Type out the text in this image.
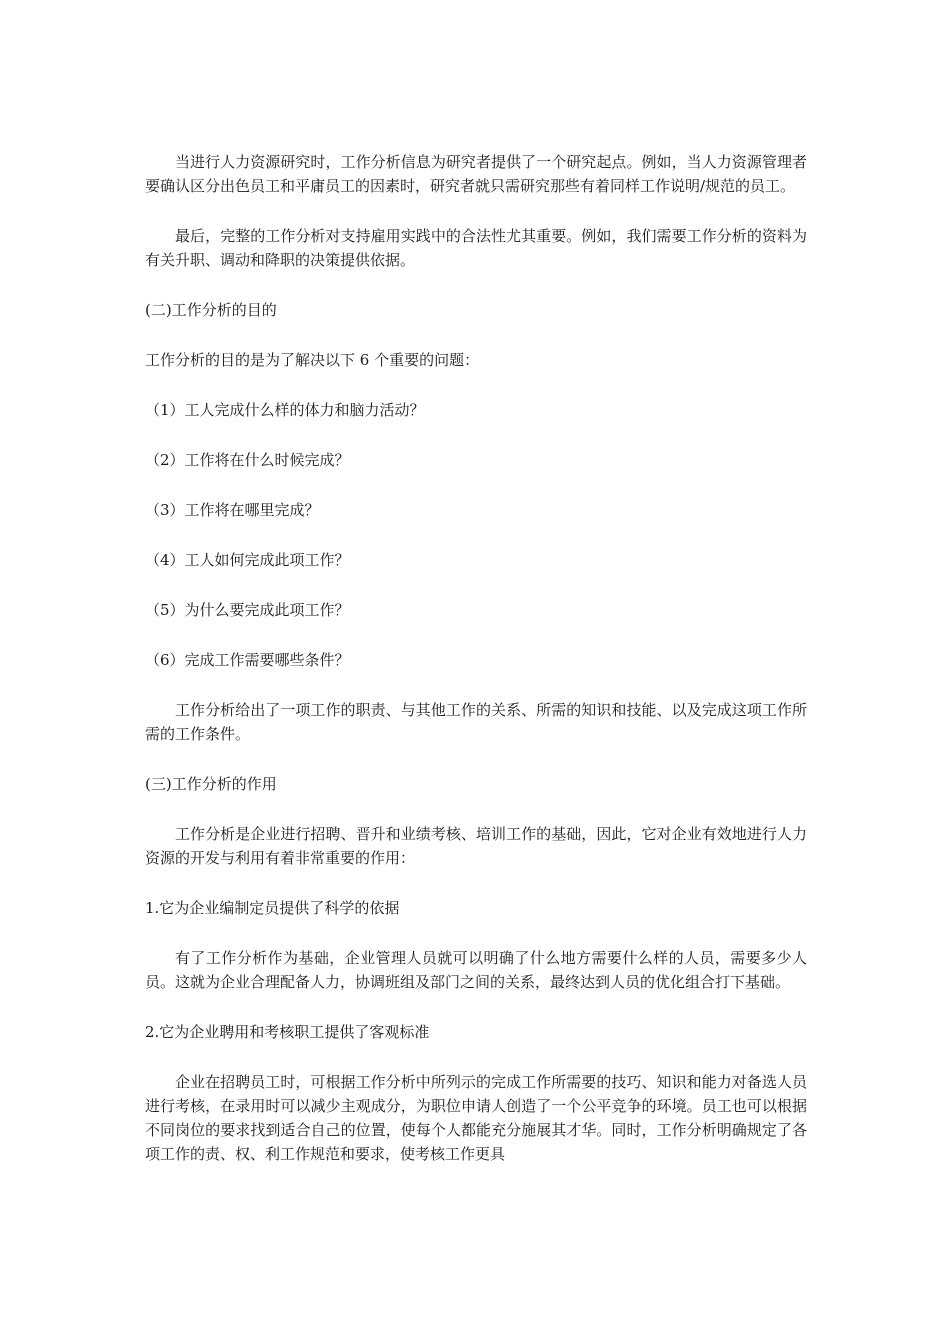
当进行人力资源研究时，工作分析信息为研究者提供了一个研究起点。例如，当人力资源管理者要确认区分出色员工和平庸员工的因素时，研究者就只需研究那些有着同样工作说明/规范的员工。

最后，完整的工作分析对支持雇用实践中的合法性尤其重要。例如，我们需要工作分析的资料为有关升职、调动和降职的决策提供依据。

(二)工作分析的目的

工作分析的目的是为了解决以下 6 个重要的问题：

（1）工人完成什么样的体力和脑力活动？

（2）工作将在什么时候完成？

（3）工作将在哪里完成？

（4）工人如何完成此项工作？

（5）为什么要完成此项工作？

（6）完成工作需要哪些条件？

工作分析给出了一项工作的职责、与其他工作的关系、所需的知识和技能、以及完成这项工作所需的工作条件。

(三)工作分析的作用

工作分析是企业进行招聘、晋升和业绩考核、培训工作的基础，因此，它对企业有效地进行人力资源的开发与利用有着非常重要的作用：

1.它为企业编制定员提供了科学的依据

有了工作分析作为基础，企业管理人员就可以明确了什么地方需要什么样的人员，需要多少人员。这就为企业合理配备人力，协调班组及部门之间的关系，最终达到人员的优化组合打下基础。

2.它为企业聘用和考核职工提供了客观标准

企业在招聘员工时，可根据工作分析中所列示的完成工作所需要的技巧、知识和能力对备选人员进行考核，在录用时可以减少主观成分，为职位申请人创造了一个公平竞争的环境。员工也可以根据不同岗位的要求找到适合自己的位置，使每个人都能充分施展其才华。同时，工作分析明确规定了各项工作的责、权、利工作规范和要求，使考核工作更具
